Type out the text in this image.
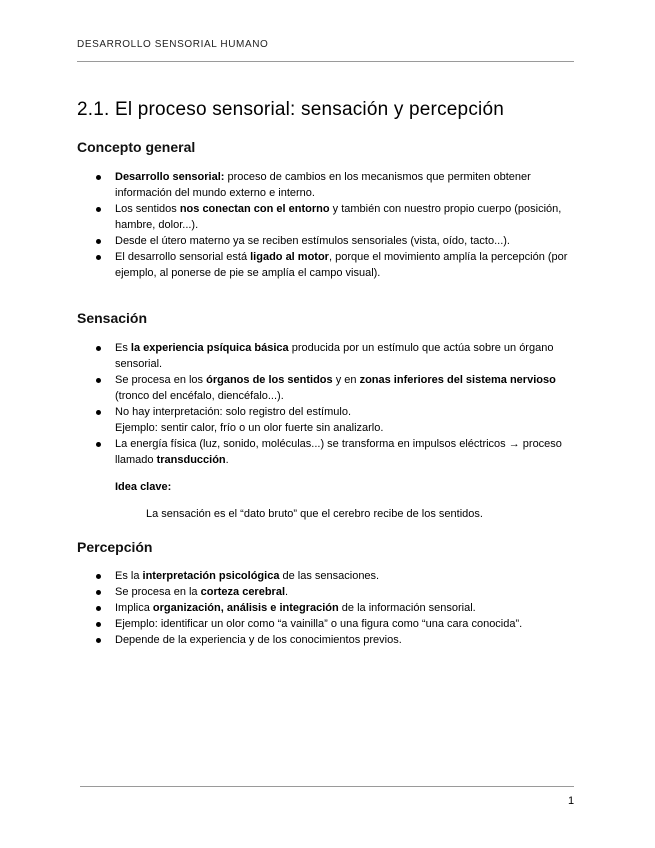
DESARROLLO SENSORIAL HUMANO
2.1. El proceso sensorial: sensación y percepción
Concepto general
Desarrollo sensorial: proceso de cambios en los mecanismos que permiten obtener información del mundo externo e interno.
Los sentidos nos conectan con el entorno y también con nuestro propio cuerpo (posición, hambre, dolor...).
Desde el útero materno ya se reciben estímulos sensoriales (vista, oído, tacto...).
El desarrollo sensorial está ligado al motor, porque el movimiento amplía la percepción (por ejemplo, al ponerse de pie se amplía el campo visual).
Sensación
Es la experiencia psíquica básica producida por un estímulo que actúa sobre un órgano sensorial.
Se procesa en los órganos de los sentidos y en zonas inferiores del sistema nervioso (tronco del encéfalo, diencéfalo...).
No hay interpretación: solo registro del estímulo.
Ejemplo: sentir calor, frío o un olor fuerte sin analizarlo.
La energía física (luz, sonido, moléculas...) se transforma en impulsos eléctricos → proceso llamado transducción.
Idea clave:
La sensación es el “dato bruto” que el cerebro recibe de los sentidos.
Percepción
Es la interpretación psicológica de las sensaciones.
Se procesa en la corteza cerebral.
Implica organización, análisis e integración de la información sensorial.
Ejemplo: identificar un olor como “a vainilla” o una figura como “una cara conocida”.
Depende de la experiencia y de los conocimientos previos.
1
